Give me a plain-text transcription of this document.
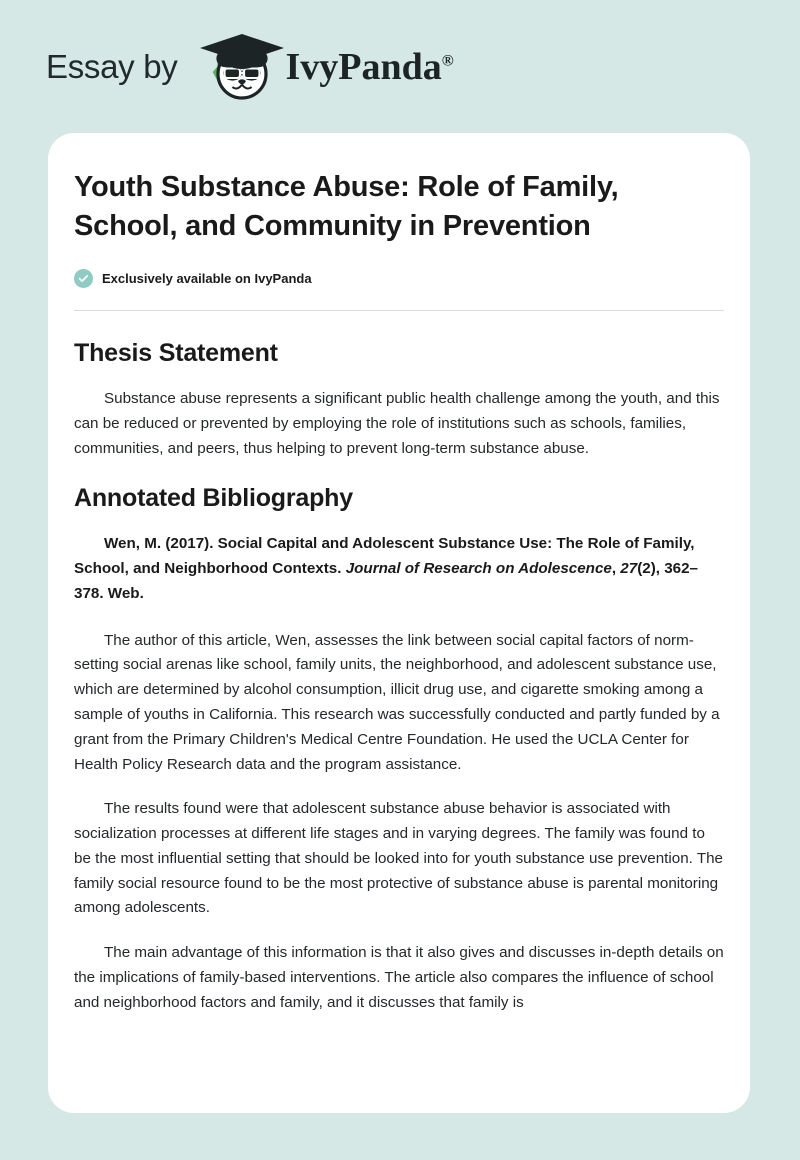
Essay by	IvyPanda®
Youth Substance Abuse: Role of Family, School, and Community in Prevention
Exclusively available on IvyPanda
Thesis Statement

Substance abuse represents a significant public health challenge among the youth, and this can be reduced or prevented by employing the role of institutions such as schools, families, communities, and peers, thus helping to prevent long-term substance abuse.

Annotated Bibliography

Wen, M. (2017). Social Capital and Adolescent Substance Use: The Role of Family, School, and Neighborhood Contexts. Journal of Research on Adolescence, 27(2), 362–378. Web.

The author of this article, Wen, assesses the link between social capital factors of norm-setting social arenas like school, family units, the neighborhood, and adolescent substance use, which are determined by alcohol consumption, illicit drug use, and cigarette smoking among a sample of youths in California. This research was successfully conducted and partly funded by a grant from the Primary Children's Medical Centre Foundation. He used the UCLA Center for Health Policy Research data and the program assistance.

The results found were that adolescent substance abuse behavior is associated with socialization processes at different life stages and in varying degrees. The family was found to be the most influential setting that should be looked into for youth substance use prevention. The family social resource found to be the most protective of substance abuse is parental monitoring among adolescents.

The main advantage of this information is that it also gives and discusses in-depth details on the implications of family-based interventions. The article also compares the influence of school and neighborhood factors and family, and it discusses that family is
